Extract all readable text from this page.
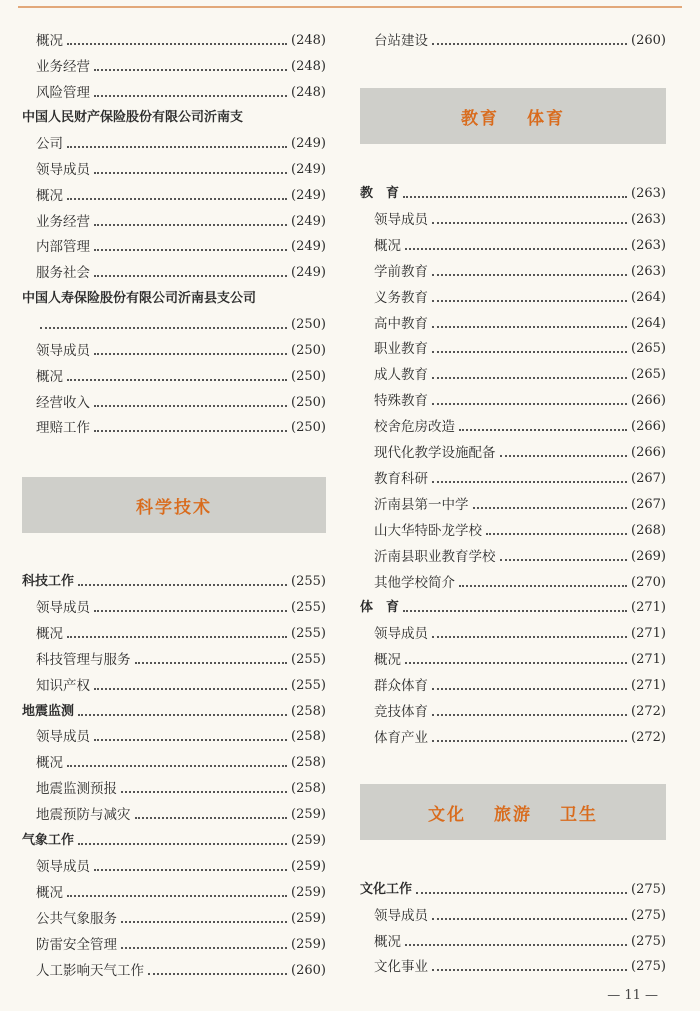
概况	(248)
业务经营	(248)
风险管理	(248)
中国人民财产保险股份有限公司沂南支
公司	(249)
领导成员	(249)
概况	(249)
业务经营	(249)
内部管理	(249)
服务社会	(249)
中国人寿保险股份有限公司沂南县支公司
(250)
领导成员	(250)
概况	(250)
经营收入	(250)
理赔工作	(250)
科学技术
科技工作	(255)
领导成员	(255)
概况	(255)
科技管理与服务	(255)
知识产权	(255)
地震监测	(258)
领导成员	(258)
概况	(258)
地震监测预报	(258)
地震预防与减灾	(259)
气象工作	(259)
领导成员	(259)
概况	(259)
公共气象服务	(259)
防雷安全管理	(259)
人工影响天气工作	(260)
台站建设	(260)
教育 体育
教　育	(263)
领导成员	(263)
概况	(263)
学前教育	(263)
义务教育	(264)
高中教育	(264)
职业教育	(265)
成人教育	(265)
特殊教育	(266)
校舍危房改造	(266)
现代化教学设施配备	(266)
教育科研	(267)
沂南县第一中学	(267)
山大华特卧龙学校	(268)
沂南县职业教育学校	(269)
其他学校简介	(270)
体　育	(271)
领导成员	(271)
概况	(271)
群众体育	(271)
竞技体育	(272)
体育产业	(272)
文化 旅游 卫生
文化工作	(275)
领导成员	(275)
概况	(275)
文化事业	(275)
— 11 —
